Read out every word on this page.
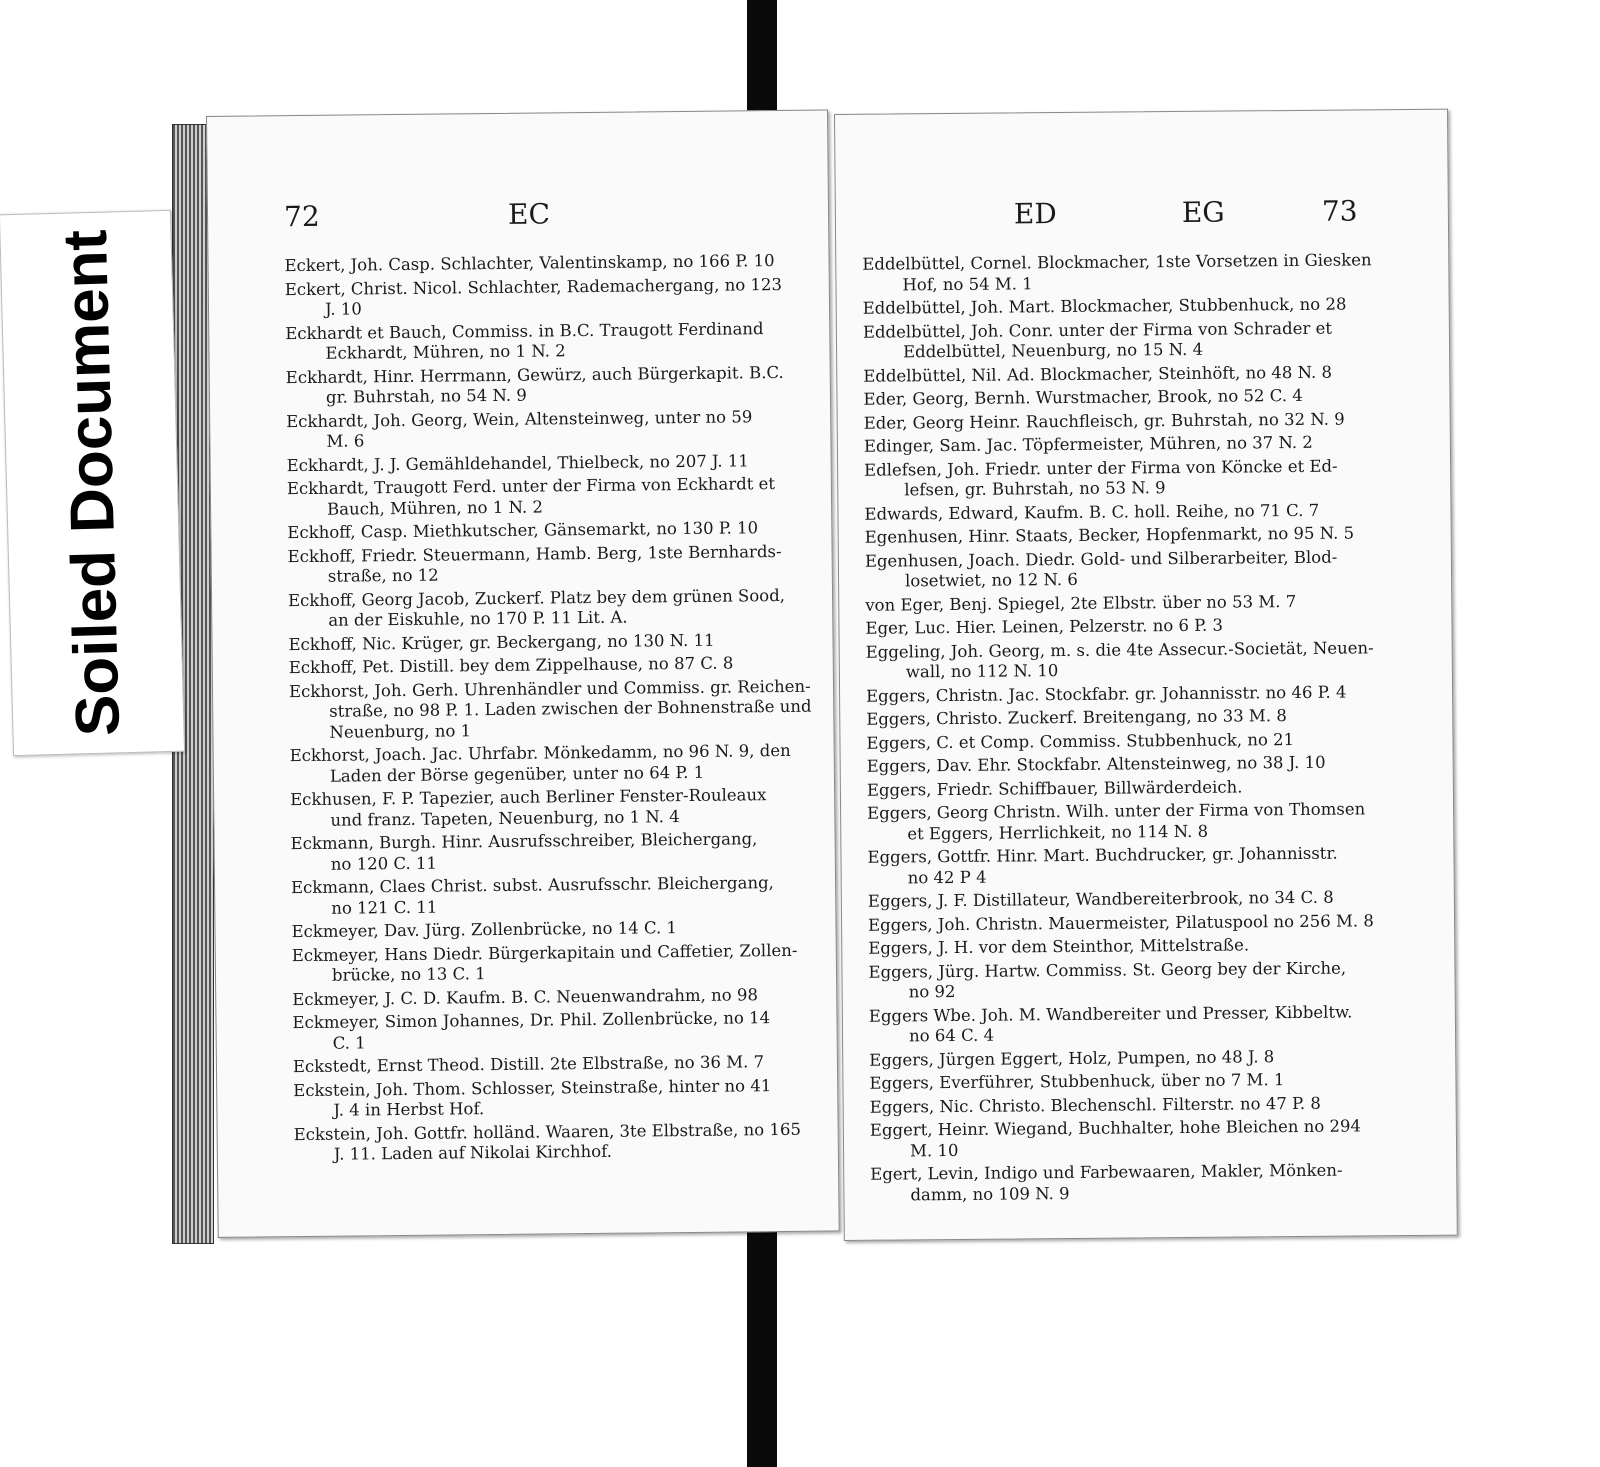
72	EC
Eckert, Joh. Casp. Schlachter, Valentinskamp, no 166 P. 10
Eckert, Christ. Nicol. Schlachter, Rademachergang, no 123
J. 10
Eckhardt et Bauch, Commiss. in B.C. Traugott Ferdinand
Eckhardt, Mühren, no 1 N. 2
Eckhardt, Hinr. Herrmann, Gewürz, auch Bürgerkapit. B.C.
gr. Buhrstah, no 54 N. 9
Eckhardt, Joh. Georg, Wein, Altensteinweg, unter no 59
M. 6
Eckhardt, J. J. Gemähldehandel, Thielbeck, no 207 J. 11
Eckhardt, Traugott Ferd. unter der Firma von Eckhardt et
Bauch, Mühren, no 1 N. 2
Eckhoff, Casp. Miethkutscher, Gänsemarkt, no 130 P. 10
Eckhoff, Friedr. Steuermann, Hamb. Berg, 1ste Bernhards-
straße, no 12
Eckhoff, Georg Jacob, Zuckerf. Platz bey dem grünen Sood,
an der Eiskuhle, no 170 P. 11 Lit. A.
Eckhoff, Nic. Krüger, gr. Beckergang, no 130 N. 11
Eckhoff, Pet. Distill. bey dem Zippelhause, no 87 C. 8
Eckhorst, Joh. Gerh. Uhrenhändler und Commiss. gr. Reichen-
straße, no 98 P. 1. Laden zwischen der Bohnenstraße und
Neuenburg, no 1
Eckhorst, Joach. Jac. Uhrfabr. Mönkedamm, no 96 N. 9, den
Laden der Börse gegenüber, unter no 64 P. 1
Eckhusen, F. P. Tapezier, auch Berliner Fenster-Rouleaux
und franz. Tapeten, Neuenburg, no 1 N. 4
Eckmann, Burgh. Hinr. Ausrufsschreiber, Bleichergang,
no 120 C. 11
Eckmann, Claes Christ. subst. Ausrufsschr. Bleichergang,
no 121 C. 11
Eckmeyer, Dav. Jürg. Zollenbrücke, no 14 C. 1
Eckmeyer, Hans Diedr. Bürgerkapitain und Caffetier, Zollen-
brücke, no 13 C. 1
Eckmeyer, J. C. D. Kaufm. B. C. Neuenwandrahm, no 98
Eckmeyer, Simon Johannes, Dr. Phil. Zollenbrücke, no 14
C. 1
Eckstedt, Ernst Theod. Distill. 2te Elbstraße, no 36 M. 7
Eckstein, Joh. Thom. Schlosser, Steinstraße, hinter no 41
J. 4 in Herbst Hof.
Eckstein, Joh. Gottfr. holländ. Waaren, 3te Elbstraße, no 165
J. 11. Laden auf Nikolai Kirchhof.
ED	EG	73
Eddelbüttel, Cornel. Blockmacher, 1ste Vorsetzen in Giesken
Hof, no 54 M. 1
Eddelbüttel, Joh. Mart. Blockmacher, Stubbenhuck, no 28
Eddelbüttel, Joh. Conr. unter der Firma von Schrader et
Eddelbüttel, Neuenburg, no 15 N. 4
Eddelbüttel, Nil. Ad. Blockmacher, Steinhöft, no 48 N. 8
Eder, Georg, Bernh. Wurstmacher, Brook, no 52 C. 4
Eder, Georg Heinr. Rauchfleisch, gr. Buhrstah, no 32 N. 9
Edinger, Sam. Jac. Töpfermeister, Mühren, no 37 N. 2
Edlefsen, Joh. Friedr. unter der Firma von Köncke et Ed-
lefsen, gr. Buhrstah, no 53 N. 9
Edwards, Edward, Kaufm. B. C. holl. Reihe, no 71 C. 7
Egenhusen, Hinr. Staats, Becker, Hopfenmarkt, no 95 N. 5
Egenhusen, Joach. Diedr. Gold- und Silberarbeiter, Blod-
losetwiet, no 12 N. 6
von Eger, Benj. Spiegel, 2te Elbstr. über no 53 M. 7
Eger, Luc. Hier. Leinen, Pelzerstr. no 6 P. 3
Eggeling, Joh. Georg, m. s. die 4te Assecur.-Societät, Neuen-
wall, no 112 N. 10
Eggers, Christn. Jac. Stockfabr. gr. Johannisstr. no 46 P. 4
Eggers, Christo. Zuckerf. Breitengang, no 33 M. 8
Eggers, C. et Comp. Commiss. Stubbenhuck, no 21
Eggers, Dav. Ehr. Stockfabr. Altensteinweg, no 38 J. 10
Eggers, Friedr. Schiffbauer, Billwärderdeich.
Eggers, Georg Christn. Wilh. unter der Firma von Thomsen
et Eggers, Herrlichkeit, no 114 N. 8
Eggers, Gottfr. Hinr. Mart. Buchdrucker, gr. Johannisstr.
no 42 P 4
Eggers, J. F. Distillateur, Wandbereiterbrook, no 34 C. 8
Eggers, Joh. Christn. Mauermeister, Pilatuspool no 256 M. 8
Eggers, J. H. vor dem Steinthor, Mittelstraße.
Eggers, Jürg. Hartw. Commiss. St. Georg bey der Kirche,
no 92
Eggers Wbe. Joh. M. Wandbereiter und Presser, Kibbeltw.
no 64 C. 4
Eggers, Jürgen Eggert, Holz, Pumpen, no 48 J. 8
Eggers, Everführer, Stubbenhuck, über no 7 M. 1
Eggers, Nic. Christo. Blechenschl. Filterstr. no 47 P. 8
Eggert, Heinr. Wiegand, Buchhalter, hohe Bleichen no 294
M. 10
Egert, Levin, Indigo und Farbewaaren, Makler, Mönken-
damm, no 109 N. 9
Soiled Document
